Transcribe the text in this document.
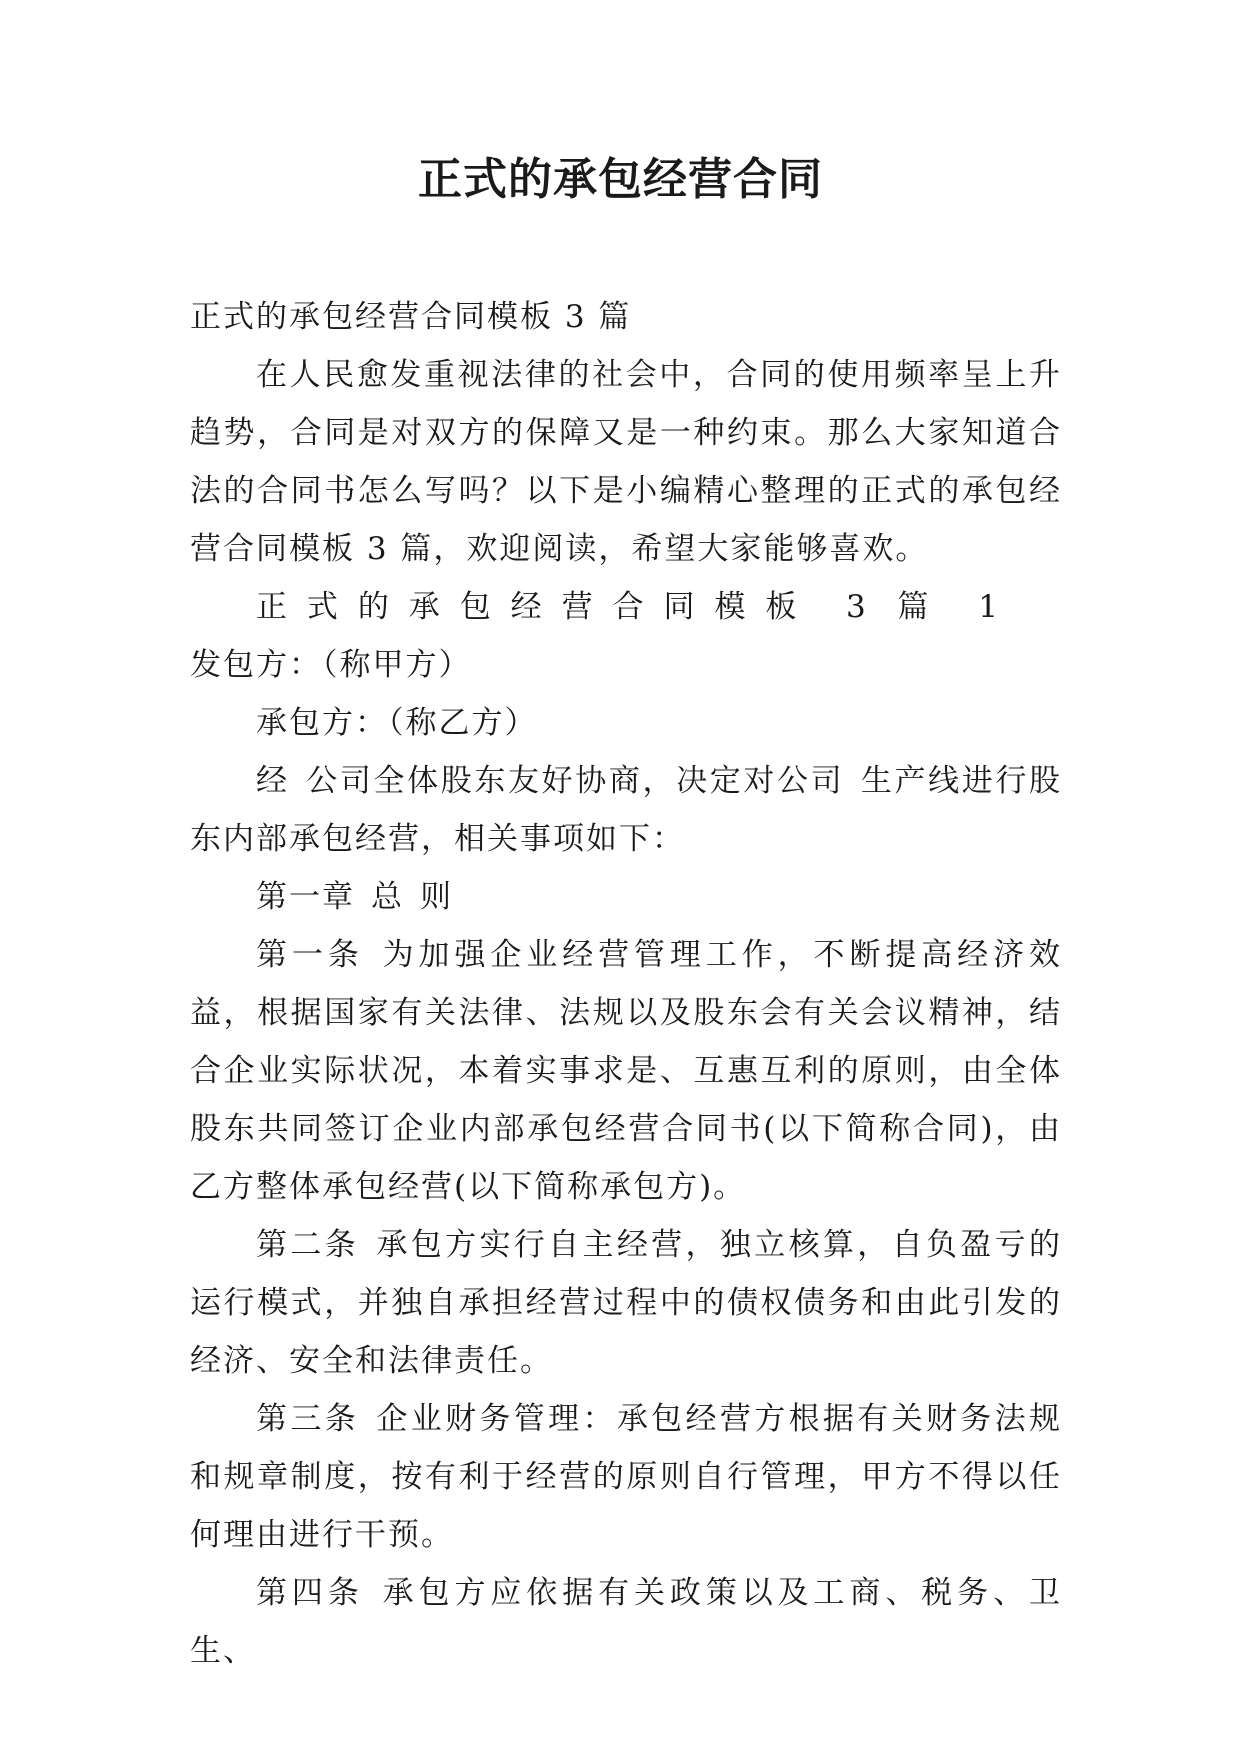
正式的承包经营合同

正式的承包经营合同模板 3 篇

在人民愈发重视法律的社会中，合同的使用频率呈上升趋势，合同是对双方的保障又是一种约束。那么大家知道合法的合同书怎么写吗？以下是小编精心整理的正式的承包经营合同模板 3 篇，欢迎阅读，希望大家能够喜欢。

正式的承包经营合同模板 3 篇 1发包方：（称甲方）

承包方：（称乙方）

经 公司全体股东友好协商，决定对公司 生产线进行股东内部承包经营，相关事项如下：

第一章 总 则

第一条 为加强企业经营管理工作，不断提高经济效益，根据国家有关法律、法规以及股东会有关会议精神，结合企业实际状况，本着实事求是、互惠互利的原则，由全体股东共同签订企业内部承包经营合同书(以下简称合同)，由乙方整体承包经营(以下简称承包方)。

第二条 承包方实行自主经营，独立核算，自负盈亏的运行模式，并独自承担经营过程中的债权债务和由此引发的经济、安全和法律责任。

第三条 企业财务管理：承包经营方根据有关财务法规和规章制度，按有利于经营的原则自行管理，甲方不得以任何理由进行干预。

第四条 承包方应依据有关政策以及工商、税务、卫生、
